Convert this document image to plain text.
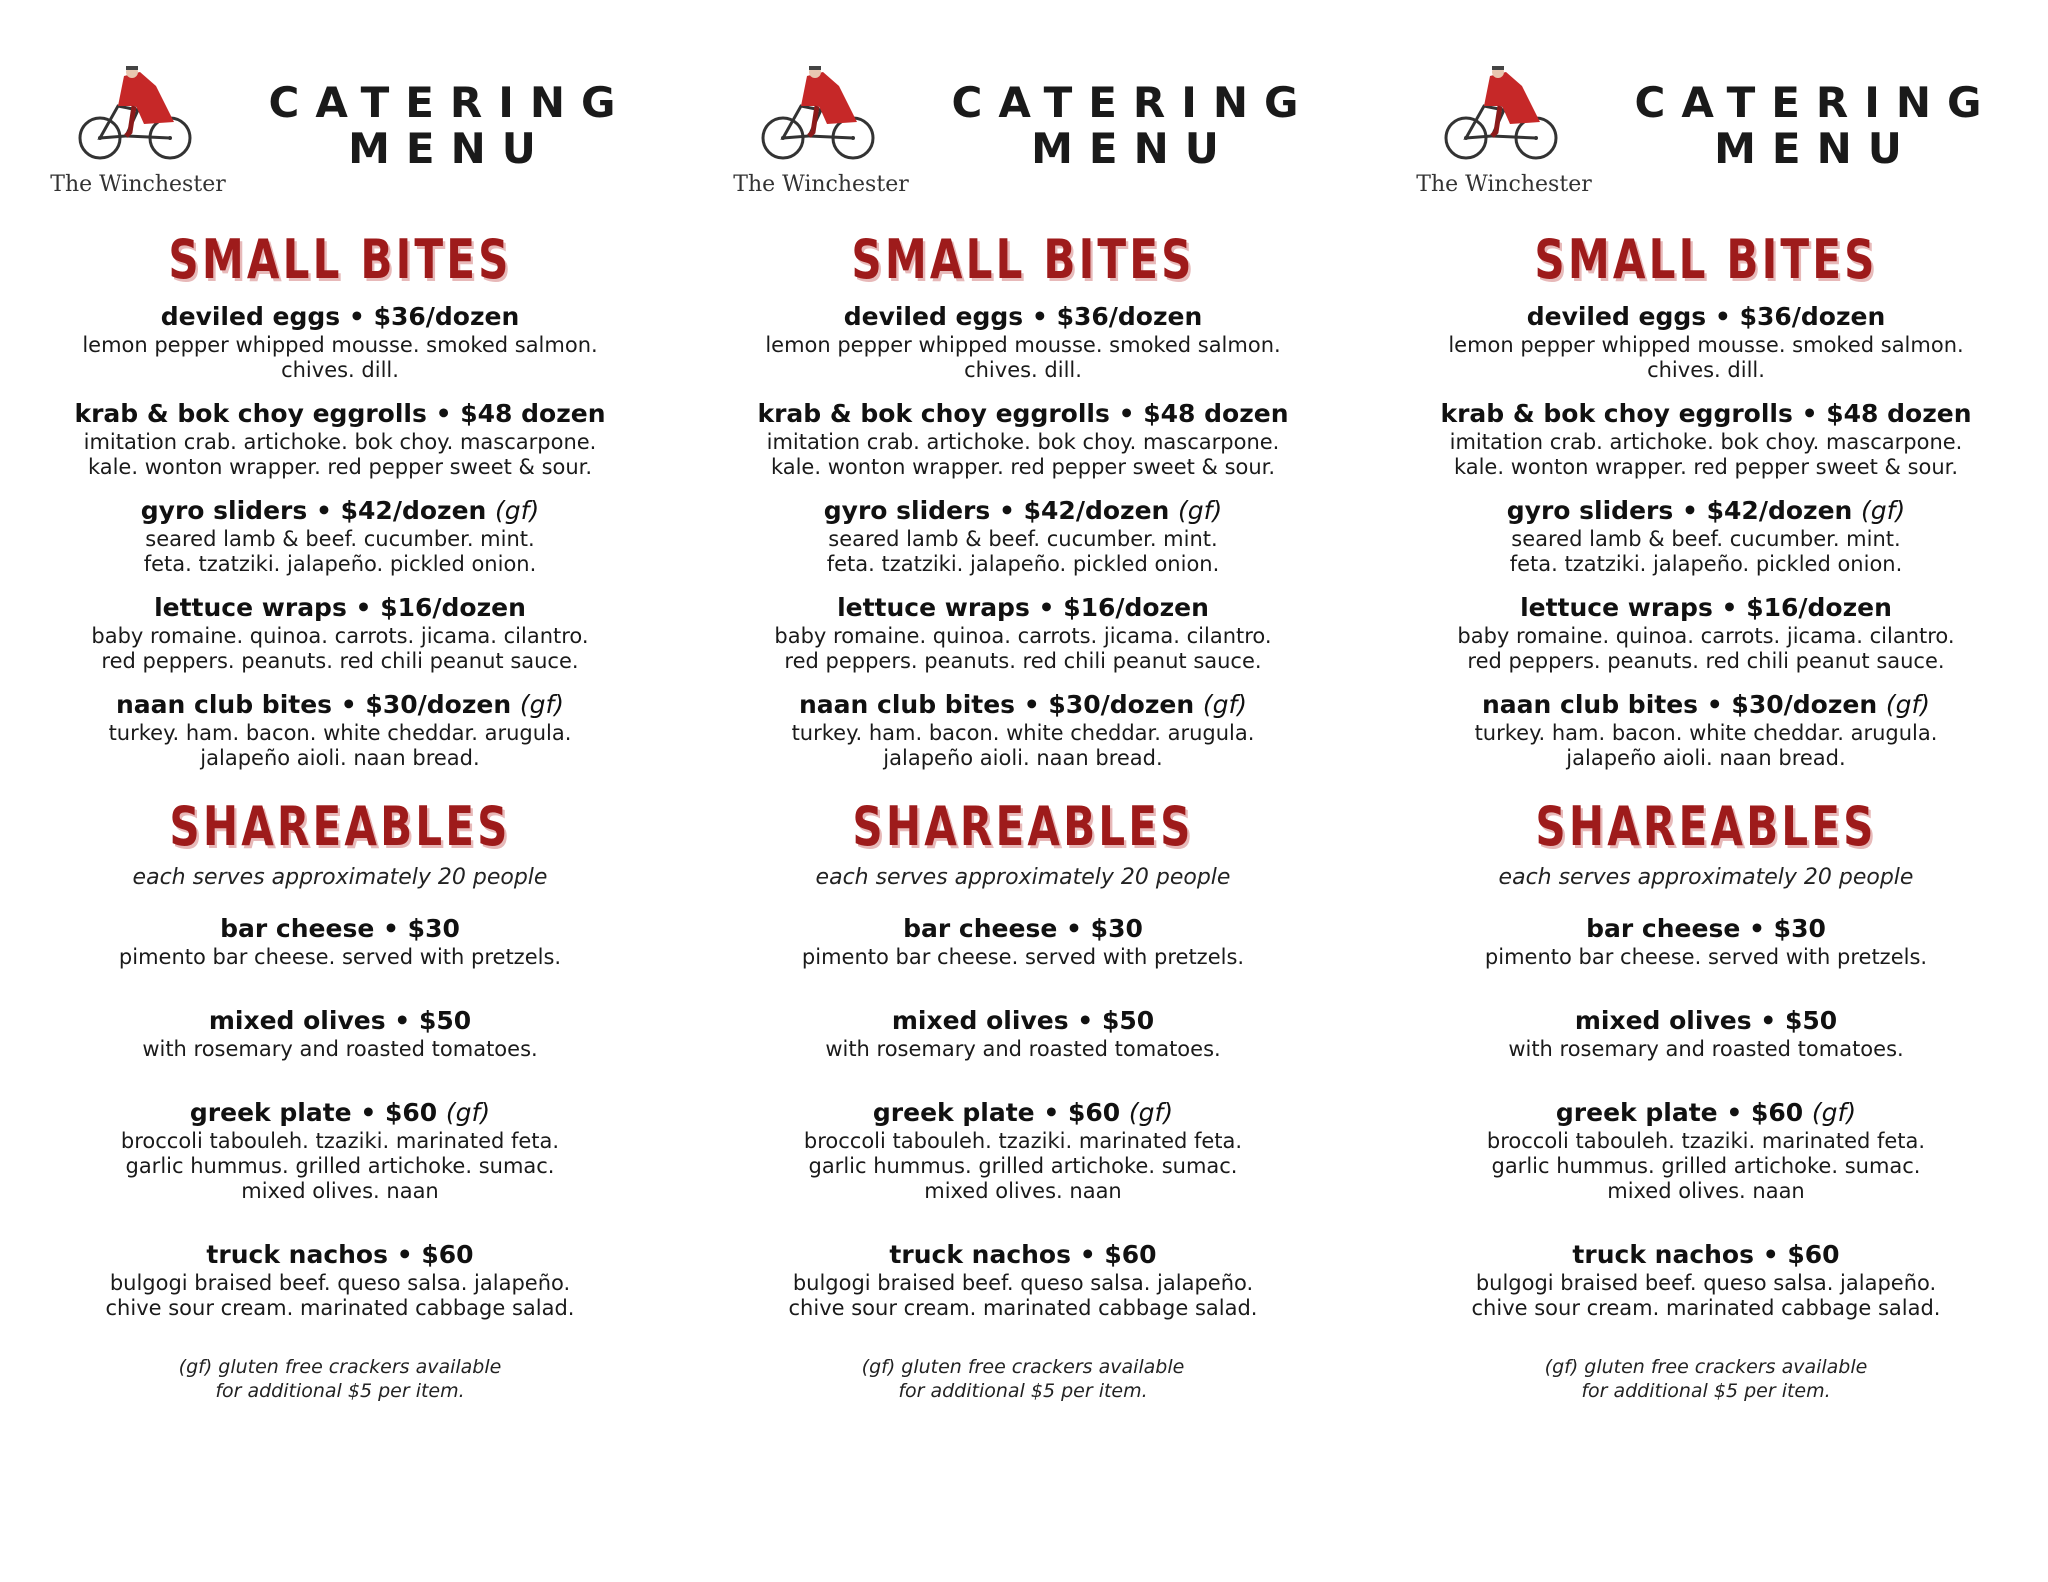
The Winchester
CATERING
MENU
SMALL BITES
deviled eggs • $36/dozen
lemon pepper whipped mousse. smoked salmon.
chives. dill.
krab & bok choy eggrolls • $48 dozen
imitation crab. artichoke. bok choy. mascarpone.
kale. wonton wrapper. red pepper sweet & sour.
gyro sliders • $42/dozen (gf)
seared lamb & beef. cucumber. mint.
feta. tzatziki. jalapeño. pickled onion.
lettuce wraps • $16/dozen
baby romaine. quinoa. carrots. jicama. cilantro.
red peppers. peanuts. red chili peanut sauce.
naan club bites • $30/dozen (gf)
turkey. ham. bacon. white cheddar. arugula.
jalapeño aioli. naan bread.
SHAREABLES
each serves approximately 20 people
bar cheese • $30
pimento bar cheese. served with pretzels.
mixed olives • $50
with rosemary and roasted tomatoes.
greek plate • $60 (gf)
broccoli tabouleh. tzaziki. marinated feta.
garlic hummus. grilled artichoke. sumac.
mixed olives. naan
truck nachos • $60
bulgogi braised beef. queso salsa. jalapeño.
chive sour cream. marinated cabbage salad.
(gf) gluten free crackers available
for additional $5 per item.
The Winchester
CATERING
MENU
SMALL BITES
deviled eggs • $36/dozen
lemon pepper whipped mousse. smoked salmon.
chives. dill.
krab & bok choy eggrolls • $48 dozen
imitation crab. artichoke. bok choy. mascarpone.
kale. wonton wrapper. red pepper sweet & sour.
gyro sliders • $42/dozen (gf)
seared lamb & beef. cucumber. mint.
feta. tzatziki. jalapeño. pickled onion.
lettuce wraps • $16/dozen
baby romaine. quinoa. carrots. jicama. cilantro.
red peppers. peanuts. red chili peanut sauce.
naan club bites • $30/dozen (gf)
turkey. ham. bacon. white cheddar. arugula.
jalapeño aioli. naan bread.
SHAREABLES
each serves approximately 20 people
bar cheese • $30
pimento bar cheese. served with pretzels.
mixed olives • $50
with rosemary and roasted tomatoes.
greek plate • $60 (gf)
broccoli tabouleh. tzaziki. marinated feta.
garlic hummus. grilled artichoke. sumac.
mixed olives. naan
truck nachos • $60
bulgogi braised beef. queso salsa. jalapeño.
chive sour cream. marinated cabbage salad.
(gf) gluten free crackers available
for additional $5 per item.
The Winchester
CATERING
MENU
SMALL BITES
deviled eggs • $36/dozen
lemon pepper whipped mousse. smoked salmon.
chives. dill.
krab & bok choy eggrolls • $48 dozen
imitation crab. artichoke. bok choy. mascarpone.
kale. wonton wrapper. red pepper sweet & sour.
gyro sliders • $42/dozen (gf)
seared lamb & beef. cucumber. mint.
feta. tzatziki. jalapeño. pickled onion.
lettuce wraps • $16/dozen
baby romaine. quinoa. carrots. jicama. cilantro.
red peppers. peanuts. red chili peanut sauce.
naan club bites • $30/dozen (gf)
turkey. ham. bacon. white cheddar. arugula.
jalapeño aioli. naan bread.
SHAREABLES
each serves approximately 20 people
bar cheese • $30
pimento bar cheese. served with pretzels.
mixed olives • $50
with rosemary and roasted tomatoes.
greek plate • $60 (gf)
broccoli tabouleh. tzaziki. marinated feta.
garlic hummus. grilled artichoke. sumac.
mixed olives. naan
truck nachos • $60
bulgogi braised beef. queso salsa. jalapeño.
chive sour cream. marinated cabbage salad.
(gf) gluten free crackers available
for additional $5 per item.
